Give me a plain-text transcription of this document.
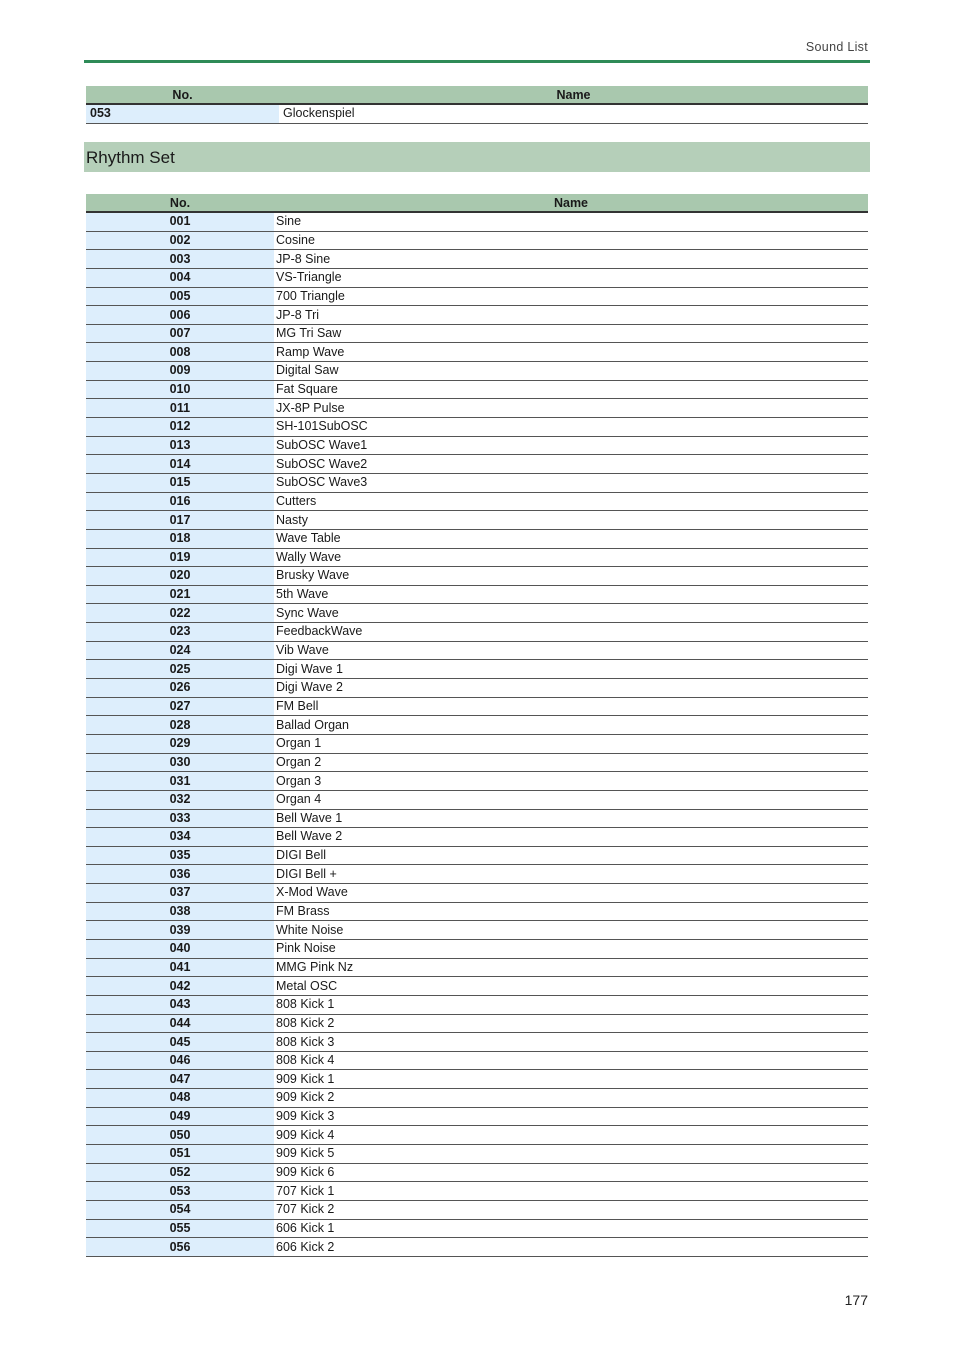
Sound List
No.	Name
053	Glockenspiel
Rhythm Set
No.	Name
001	Sine
002	Cosine
003	JP-8 Sine
004	VS-Triangle
005	700 Triangle
006	JP-8 Tri
007	MG Tri Saw
008	Ramp Wave
009	Digital Saw
010	Fat Square
011	JX-8P Pulse
012	SH-101SubOSC
013	SubOSC Wave1
014	SubOSC Wave2
015	SubOSC Wave3
016	Cutters
017	Nasty
018	Wave Table
019	Wally Wave
020	Brusky Wave
021	5th Wave
022	Sync Wave
023	FeedbackWave
024	Vib Wave
025	Digi Wave 1
026	Digi Wave 2
027	FM Bell
028	Ballad Organ
029	Organ 1
030	Organ 2
031	Organ 3
032	Organ 4
033	Bell Wave 1
034	Bell Wave 2
035	DIGI Bell
036	DIGI Bell +
037	X-Mod Wave
038	FM Brass
039	White Noise
040	Pink Noise
041	MMG Pink Nz
042	Metal OSC
043	808 Kick 1
044	808 Kick 2
045	808 Kick 3
046	808 Kick 4
047	909 Kick 1
048	909 Kick 2
049	909 Kick 3
050	909 Kick 4
051	909 Kick 5
052	909 Kick 6
053	707 Kick 1
054	707 Kick 2
055	606 Kick 1
056	606 Kick 2
177
